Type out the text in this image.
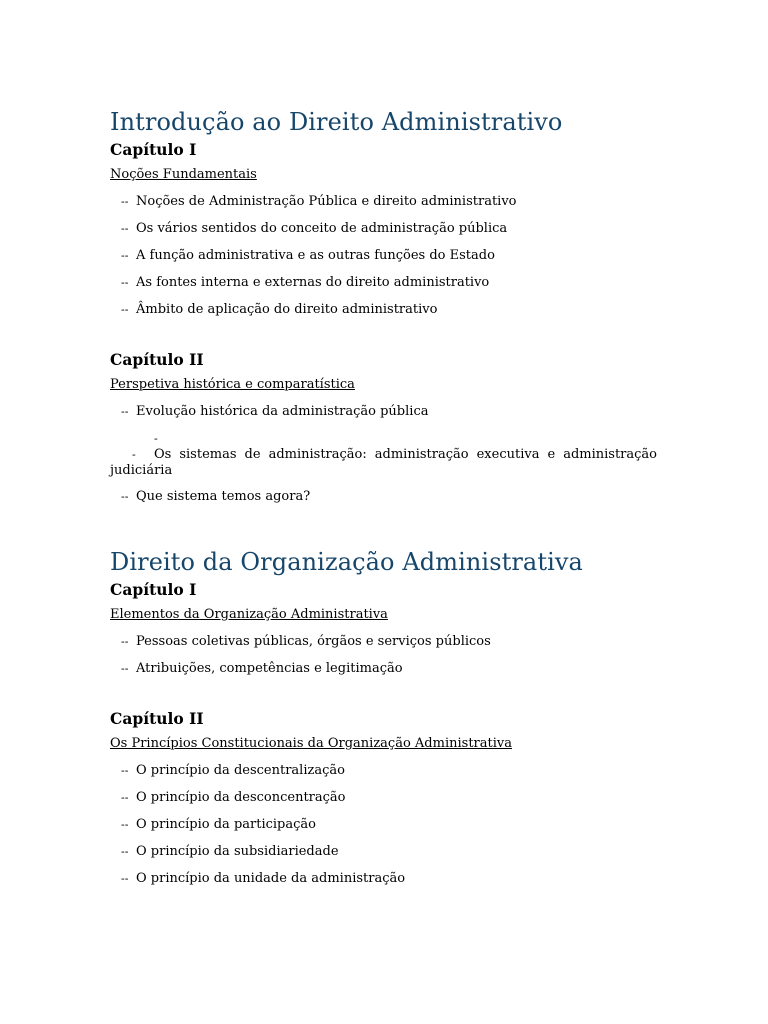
Introdução ao Direito Administrativo
Capítulo I
Noções Fundamentais
-- Noções de Administração Pública e direito administrativo
-- Os vários sentidos do conceito de administração pública
-- A função administrativa e as outras funções do Estado
-- As fontes interna e externas do direito administrativo
-- Âmbito de aplicação do direito administrativo
Capítulo II
Perspetiva histórica e comparatística
-- Evolução histórica da administração pública
-- Os sistemas de administração: administração executiva e administração judiciária
-- Que sistema temos agora?
Direito da Organização Administrativa
Capítulo I
Elementos da Organização Administrativa
-- Pessoas coletivas públicas, órgãos e serviços públicos
-- Atribuições, competências e legitimação
Capítulo II
Os Princípios Constitucionais da Organização Administrativa
-- O princípio da descentralização
-- O princípio da desconcentração
-- O princípio da participação
-- O princípio da subsidiariedade
-- O princípio da unidade da administração
